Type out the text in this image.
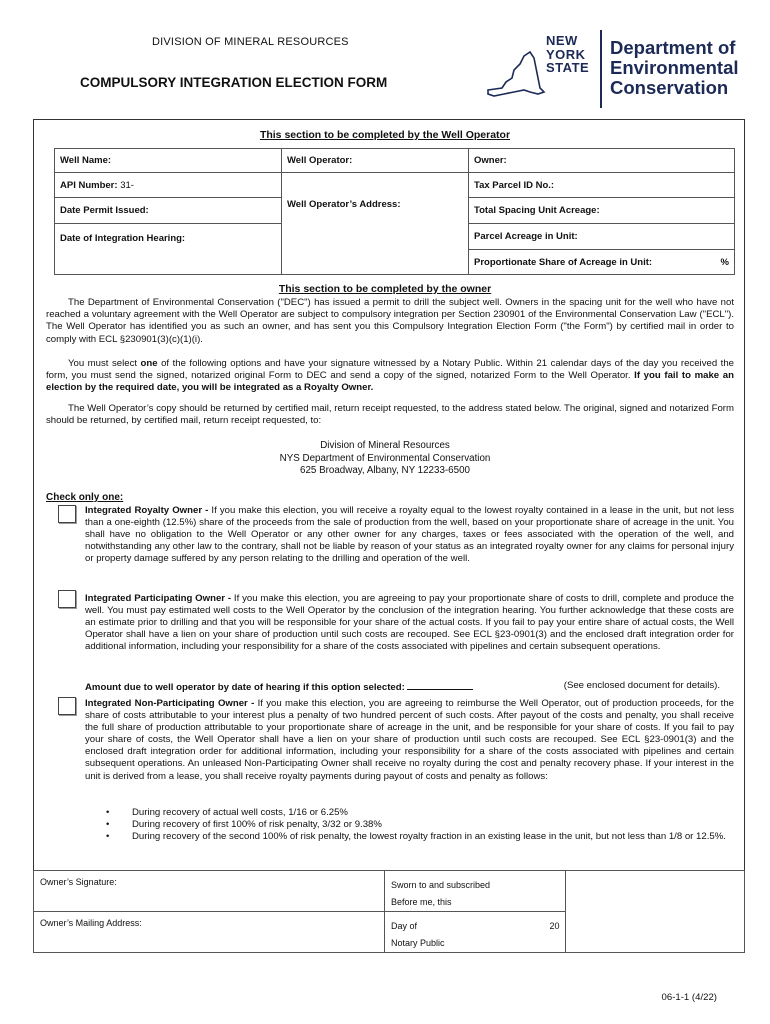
DIVISION OF MINERAL RESOURCES
COMPULSORY INTEGRATION ELECTION FORM
NEW
YORK
STATE
Department of
Environmental
Conservation
This section to be completed by the Well Operator
Well Name:	Well Operator:	Owner:
API Number: 31-	Well Operator’s Address:	Tax Parcel ID No.:
Date Permit Issued:		Total Spacing Unit Acreage:
Date of Integration Hearing:		Parcel Acreage in Unit:
		Proportionate Share of Acreage in Unit: %
This section to be completed by the owner
The Department of Environmental Conservation ("DEC") has issued a permit to drill the subject well. Owners in the spacing unit for the well who have not reached a voluntary agreement with the Well Operator are subject to compulsory integration per Section 230901 of the Environmental Conservation Law ("ECL"). The Well Operator has identified you as such an owner, and has sent you this Compulsory Integration Election Form ("the Form") by certified mail in order to comply with ECL §230901(3)(c)(1)(i).
You must select one of the following options and have your signature witnessed by a Notary Public. Within 21 calendar days of the day you received the form, you must send the signed, notarized original Form to DEC and send a copy of the signed, notarized Form to the Well Operator. If you fail to make an election by the required date, you will be integrated as a Royalty Owner.
The Well Operator’s copy should be returned by certified mail, return receipt requested, to the address stated below. The original, signed and notarized Form should be returned, by certified mail, return receipt requested, to:
Division of Mineral Resources
NYS Department of Environmental Conservation
625 Broadway, Albany, NY 12233-6500
Check only one:
Integrated Royalty Owner - If you make this election, you will receive a royalty equal to the lowest royalty contained in a lease in the unit, but not less than a one-eighth (12.5%) share of the proceeds from the sale of production from the well, based on your proportionate share of acreage in the unit. You shall have no obligation to the Well Operator or any other owner for any charges, taxes or fees associated with the operation of the well, and notwithstanding any other law to the contrary, shall not be liable by reason of your status as an integrated royalty owner for any claims for personal injury or property damage suffered by any person relating to the drilling and operation of the well.
Integrated Participating Owner - If you make this election, you are agreeing to pay your proportionate share of costs to drill, complete and produce the well. You must pay estimated well costs to the Well Operator by the conclusion of the integration hearing. You further acknowledge that these costs are an estimate prior to drilling and that you will be responsible for your share of the actual costs. If you fail to pay your entire share of actual costs, the Well Operator shall have a lien on your share of production until such costs are recouped. See ECL §23-0901(3) and the enclosed draft integration order for additional information, including your responsibility for a share of the costs associated with pipelines and certain subsequent operations.
Amount due to well operator by date of hearing if this option selected:	(See enclosed document for details).
Integrated Non-Participating Owner - If you make this election, you are agreeing to reimburse the Well Operator, out of production proceeds, for the share of costs attributable to your interest plus a penalty of two hundred percent of such costs. After payout of the costs and penalty, you shall receive the full share of production attributable to your proportionate share of acreage in the unit, and be responsible for your share of costs. If you fail to pay your share of costs, the Well Operator shall have a lien on your share of production until such costs are recouped. See ECL §23-0901(3) and the enclosed draft integration order for additional information, including your responsibility for a share of the costs associated with pipelines and certain subsequent operations. An unleased Non-Participating Owner shall receive no royalty during the cost and penalty recovery phase. If your interest in the unit is derived from a lease, you shall receive royalty payments during payout of costs and penalty as follows:
• During recovery of actual well costs, 1/16 or 6.25%
• During recovery of first 100% of risk penalty, 3/32 or 9.38%
• During recovery of the second 100% of risk penalty, the lowest royalty fraction in an existing lease in the unit, but not less than 1/8 or 12.5%.
Owner’s Signature:	Sworn to and subscribed
Before me, this	

Owner’s Mailing Address:	Day of 20
Notary Public	
06-1-1 (4/22)
